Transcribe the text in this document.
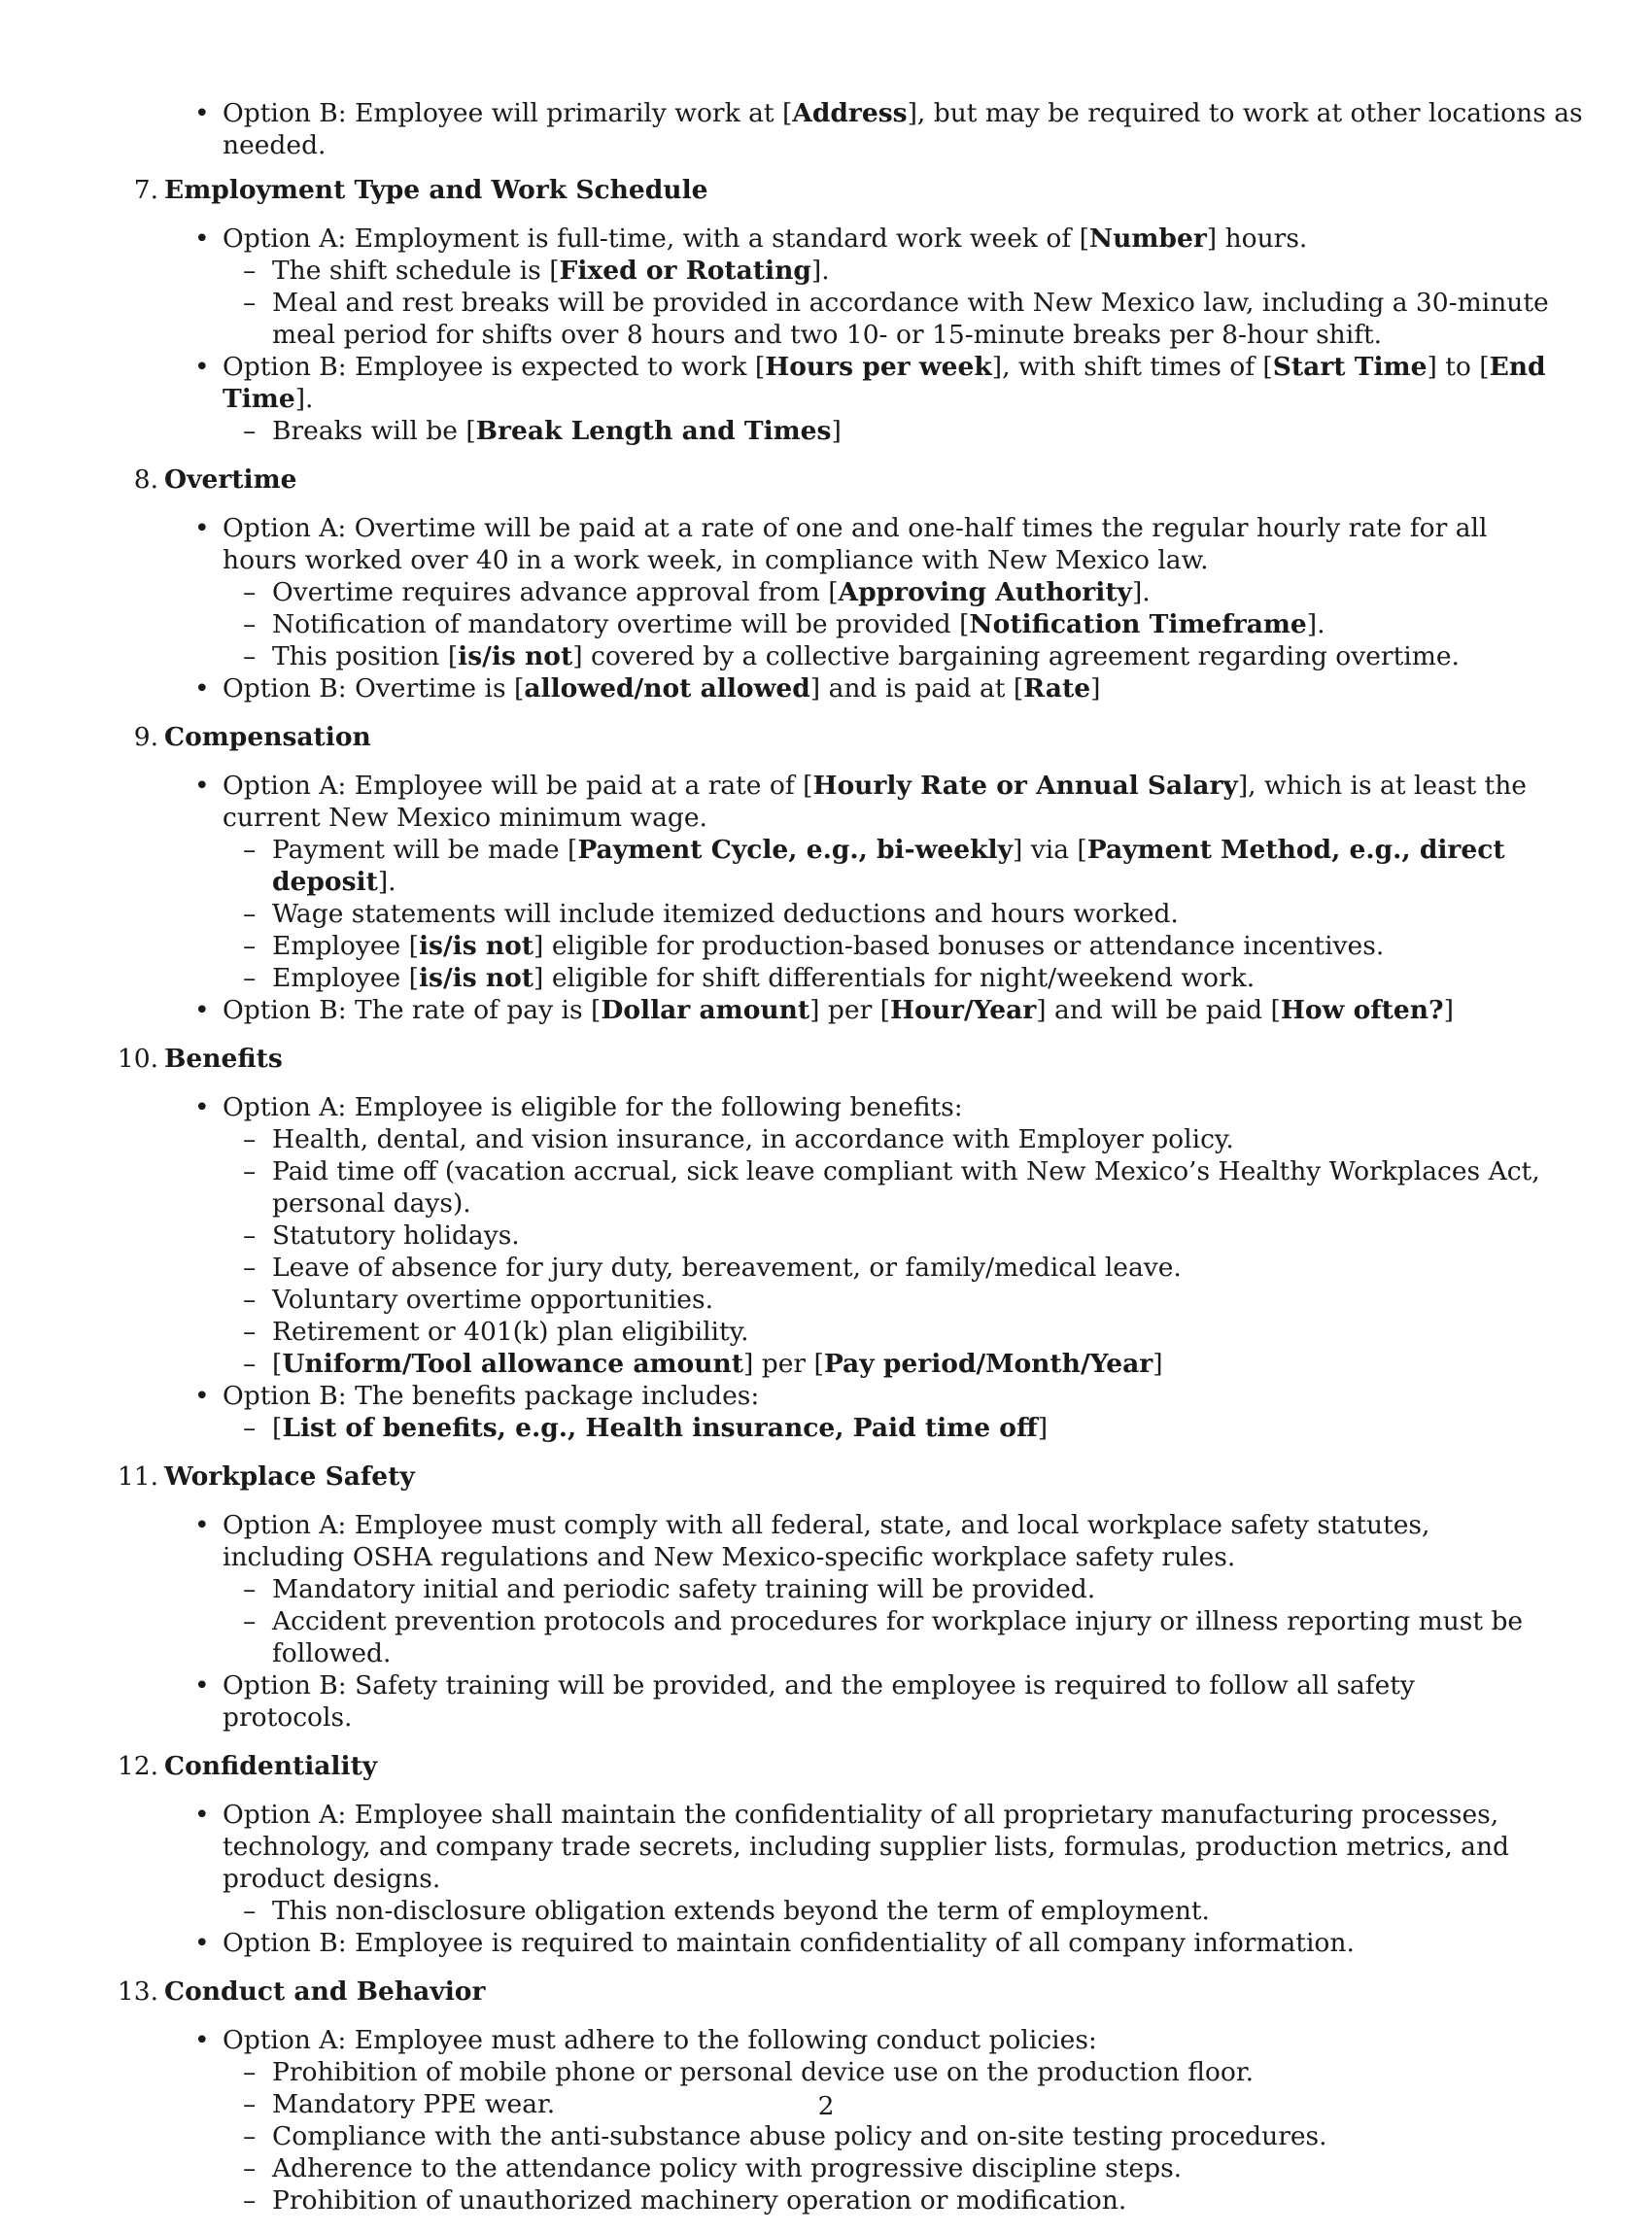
• Option B: Employee will primarily work at [Address], but may be required to work at other locations as needed.
7. Employment Type and Work Schedule
• Option A: Employment is full-time, with a standard work week of [Number] hours.
– The shift schedule is [Fixed or Rotating].
– Meal and rest breaks will be provided in accordance with New Mexico law, including a 30-minute meal period for shifts over 8 hours and two 10- or 15-minute breaks per 8-hour shift.
• Option B: Employee is expected to work [Hours per week], with shift times of [Start Time] to [End Time].
– Breaks will be [Break Length and Times]
8. Overtime
• Option A: Overtime will be paid at a rate of one and one-half times the regular hourly rate for all hours worked over 40 in a work week, in compliance with New Mexico law.
– Overtime requires advance approval from [Approving Authority].
– Notification of mandatory overtime will be provided [Notification Timeframe].
– This position [is/is not] covered by a collective bargaining agreement regarding overtime.
• Option B: Overtime is [allowed/not allowed] and is paid at [Rate]
9. Compensation
• Option A: Employee will be paid at a rate of [Hourly Rate or Annual Salary], which is at least the current New Mexico minimum wage.
– Payment will be made [Payment Cycle, e.g., bi-weekly] via [Payment Method, e.g., direct deposit].
– Wage statements will include itemized deductions and hours worked.
– Employee [is/is not] eligible for production-based bonuses or attendance incentives.
– Employee [is/is not] eligible for shift differentials for night/weekend work.
• Option B: The rate of pay is [Dollar amount] per [Hour/Year] and will be paid [How often?]
10. Benefits
• Option A: Employee is eligible for the following benefits:
– Health, dental, and vision insurance, in accordance with Employer policy.
– Paid time off (vacation accrual, sick leave compliant with New Mexico’s Healthy Workplaces Act, personal days).
– Statutory holidays.
– Leave of absence for jury duty, bereavement, or family/medical leave.
– Voluntary overtime opportunities.
– Retirement or 401(k) plan eligibility.
– [Uniform/Tool allowance amount] per [Pay period/Month/Year]
• Option B: The benefits package includes:
– [List of benefits, e.g., Health insurance, Paid time off]
11. Workplace Safety
• Option A: Employee must comply with all federal, state, and local workplace safety statutes, including OSHA regulations and New Mexico-specific workplace safety rules.
– Mandatory initial and periodic safety training will be provided.
– Accident prevention protocols and procedures for workplace injury or illness reporting must be followed.
• Option B: Safety training will be provided, and the employee is required to follow all safety protocols.
12. Confidentiality
• Option A: Employee shall maintain the confidentiality of all proprietary manufacturing processes, technology, and company trade secrets, including supplier lists, formulas, production metrics, and product designs.
– This non-disclosure obligation extends beyond the term of employment.
• Option B: Employee is required to maintain confidentiality of all company information.
13. Conduct and Behavior
• Option A: Employee must adhere to the following conduct policies:
– Prohibition of mobile phone or personal device use on the production floor.
– Mandatory PPE wear.
– Compliance with the anti-substance abuse policy and on-site testing procedures.
– Adherence to the attendance policy with progressive discipline steps.
– Prohibition of unauthorized machinery operation or modification.
2
